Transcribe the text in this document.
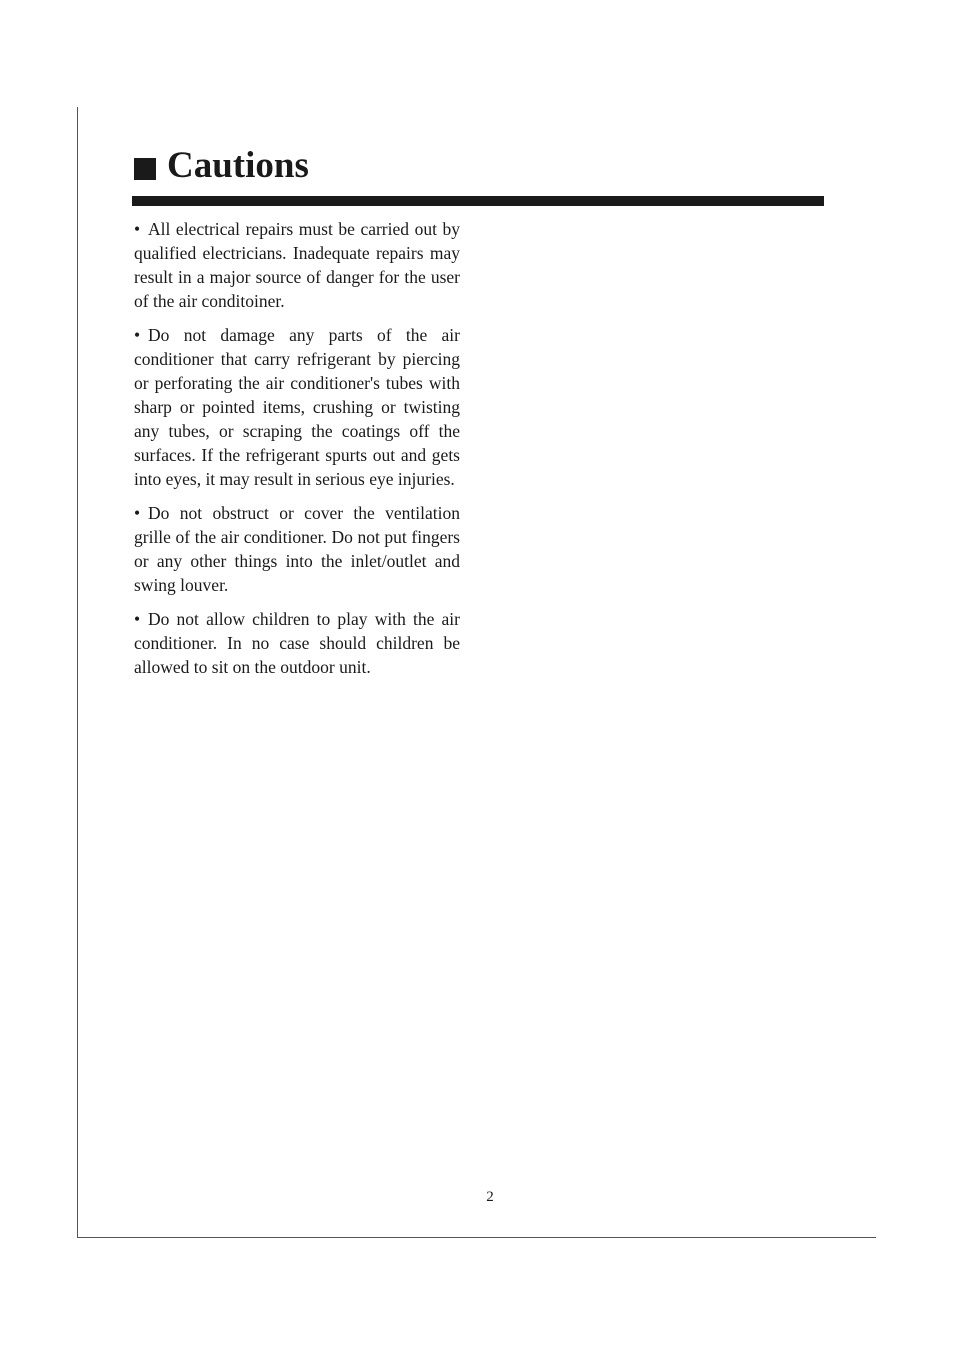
Cautions

• All electrical repairs must be carried out by qualified electricians. Inadequate repairs may result in a major source of danger for the user of the air conditoiner.

• Do not damage any parts of the air conditioner that carry refrigerant by piercing or perforating the air conditioner's tubes with sharp or pointed items, crushing or twisting any tubes, or scraping the coatings off the surfaces. If the refrigerant spurts out and gets into eyes, it may result in serious eye injuries.

• Do not obstruct or cover the ventilation grille of the air conditioner. Do not put fingers or any other things into the inlet/outlet and swing louver.

• Do not allow children to play with the air conditioner. In no case should children be allowed to sit on the outdoor unit.

2
